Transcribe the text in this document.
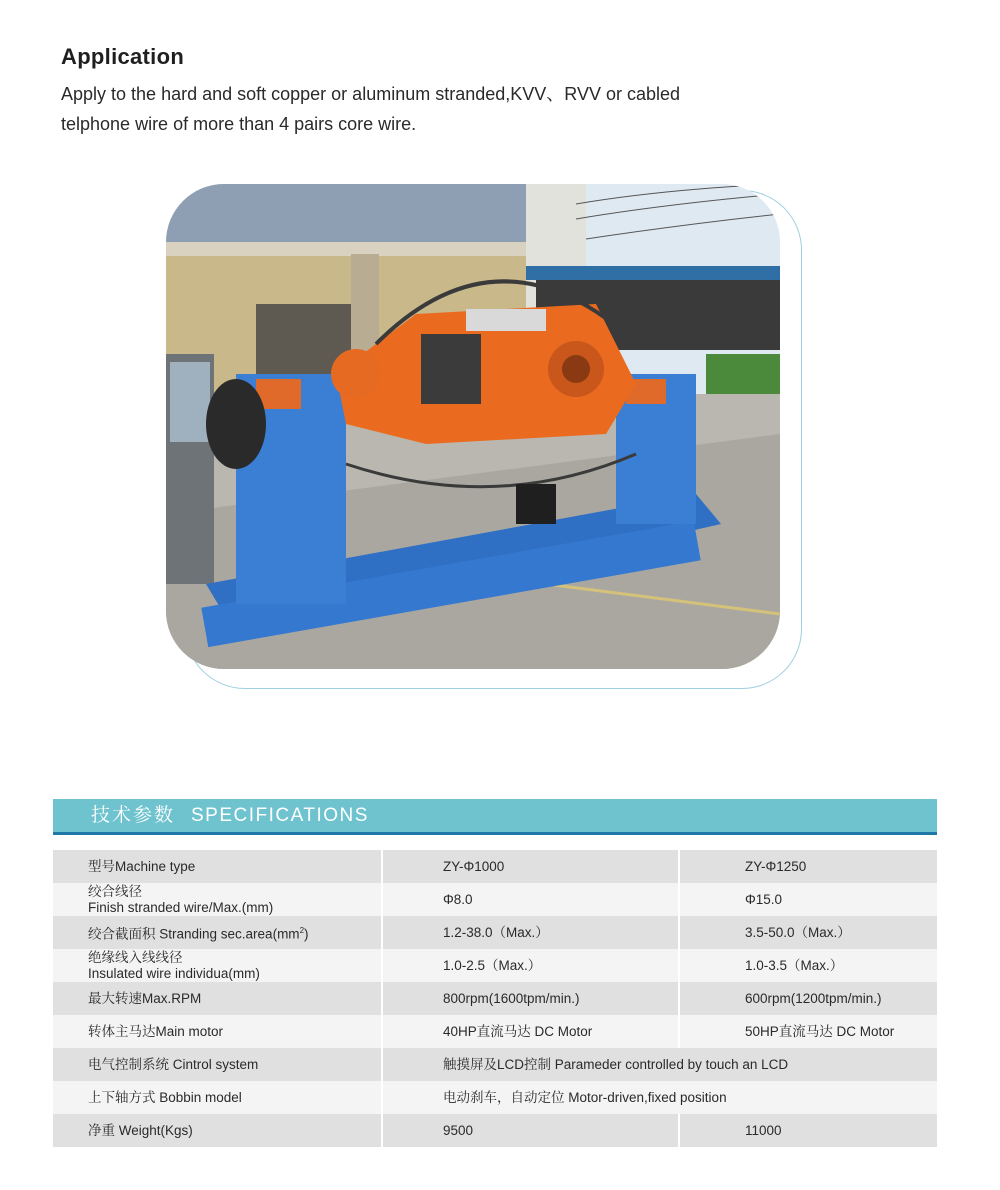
Application
Apply to the hard and soft copper or aluminum stranded,KVV、RVV or cabled
telphone wire of more than 4 pairs core wire.
技术参数 SPECIFICATIONS
型号Machine type	ZY-Φ1000	ZY-Φ1250

绞合线径
Finish stranded wire/Max.(mm)	Φ8.0	Φ15.0
绞合截面积 Stranding $\sec.area(mm^2)$	1.2-38.0（Max.）	3.5-50.0（Max.）

绝缘线入线线径
Insulated wire individua(mm)	1.0-2.5（Max.）	1.0-3.5（Max.）
最大转速Max.RPM	800rpm(1600tpm/min.)	600rpm(1200tpm/min.)
转体主马达Main motor	40HP直流马达 DC Motor	50HP直流马达 DC Motor
电气控制系统 Cintrol system	触摸屏及LCD控制 Parameder controlled by touch an LCD	
上下轴方式 Bobbin model	电动刹车，自动定位 Motor-driven,fixed position	
净重 Weight(Kgs)	9500	11000
